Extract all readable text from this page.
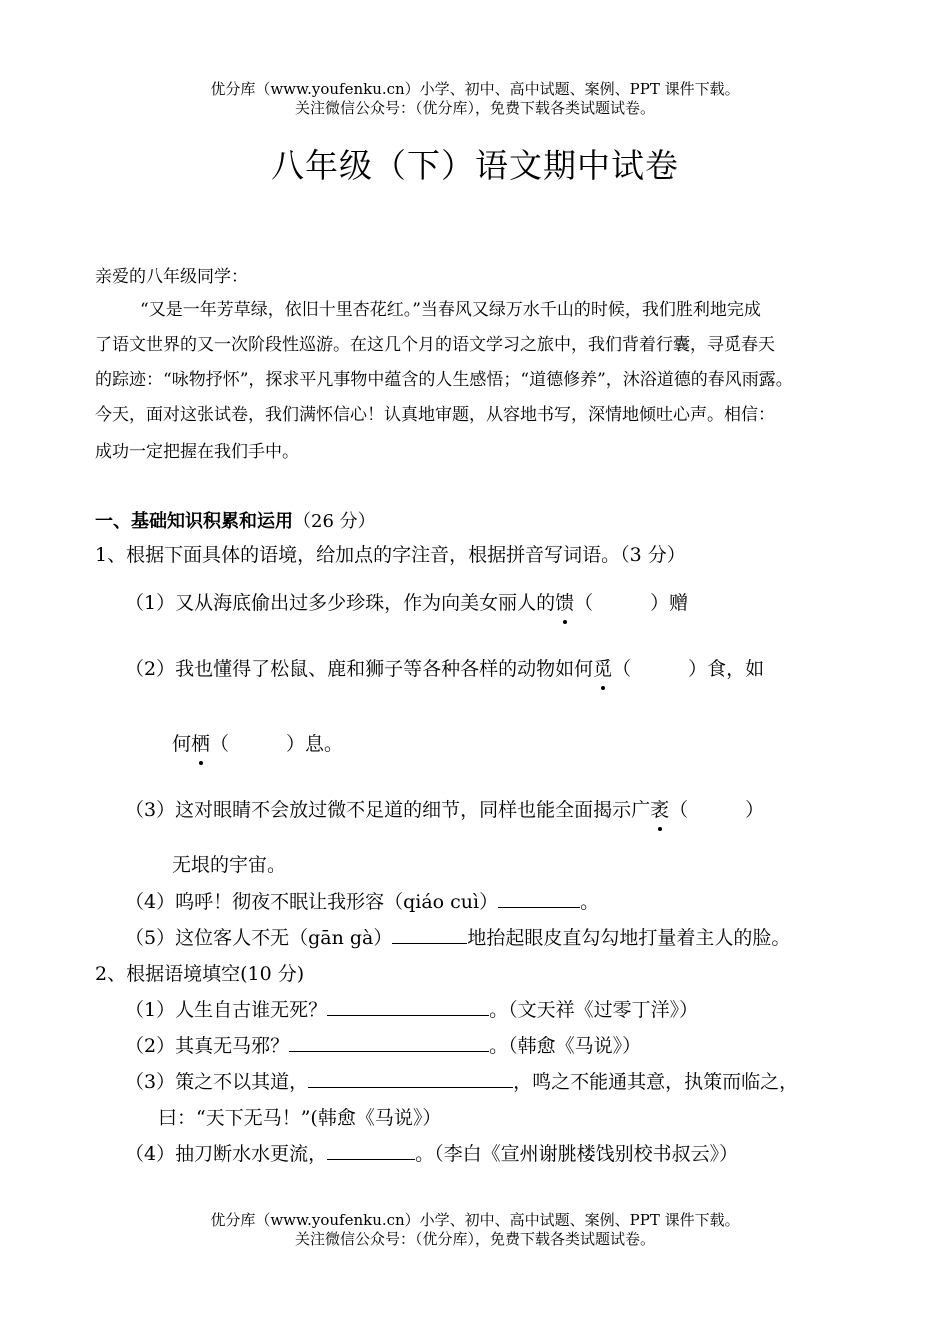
优分库（www.youfenku.cn）小学、初中、高中试题、案例、PPT 课件下载。
关注微信公众号：（优分库），免费下载各类试题试卷。
八年级（下）语文期中试卷
亲爱的八年级同学：
“又是一年芳草绿，依旧十里杏花红。”当春风又绿万水千山的时候，我们胜利地完成
了语文世界的又一次阶段性巡游。在这几个月的语文学习之旅中，我们背着行囊，寻觅春天
的踪迹：“咏物抒怀”，探求平凡事物中蕴含的人生感悟；“道德修养”，沐浴道德的春风雨露。
今天，面对这张试卷，我们满怀信心！认真地审题，从容地书写，深情地倾吐心声。相信：
成功一定把握在我们手中。
一、基础知识积累和运用（26 分）
1、根据下面具体的语境，给加点的字注音，根据拼音写词语。（3 分）
（1）又从海底偷出过多少珍珠，作为向美女丽人的馈（　　　）赠
（2）我也懂得了松鼠、鹿和狮子等各种各样的动物如何觅（　　　）食，如
何栖（　　　）息。
（3）这对眼睛不会放过微不足道的细节，同样也能全面揭示广袤（　　　）
无垠的宇宙。
（4）呜呼！彻夜不眠让我形容（qiáo cuì）	。
（5）这位客人不无（gān gà）	地抬起眼皮直勾勾地打量着主人的脸。
2、根据语境填空(10 分)
（1）人生自古谁无死？	。（文天祥《过零丁洋》）
（2）其真无马邪？	。（韩愈《马说》）
（3）策之不以其道，	，鸣之不能通其意，执策而临之，
曰：“天下无马！”(韩愈《马说》）
（4）抽刀断水水更流，	。（李白《宣州谢朓楼饯别校书叔云》）
优分库（www.youfenku.cn）小学、初中、高中试题、案例、PPT 课件下载。
关注微信公众号：（优分库），免费下载各类试题试卷。
